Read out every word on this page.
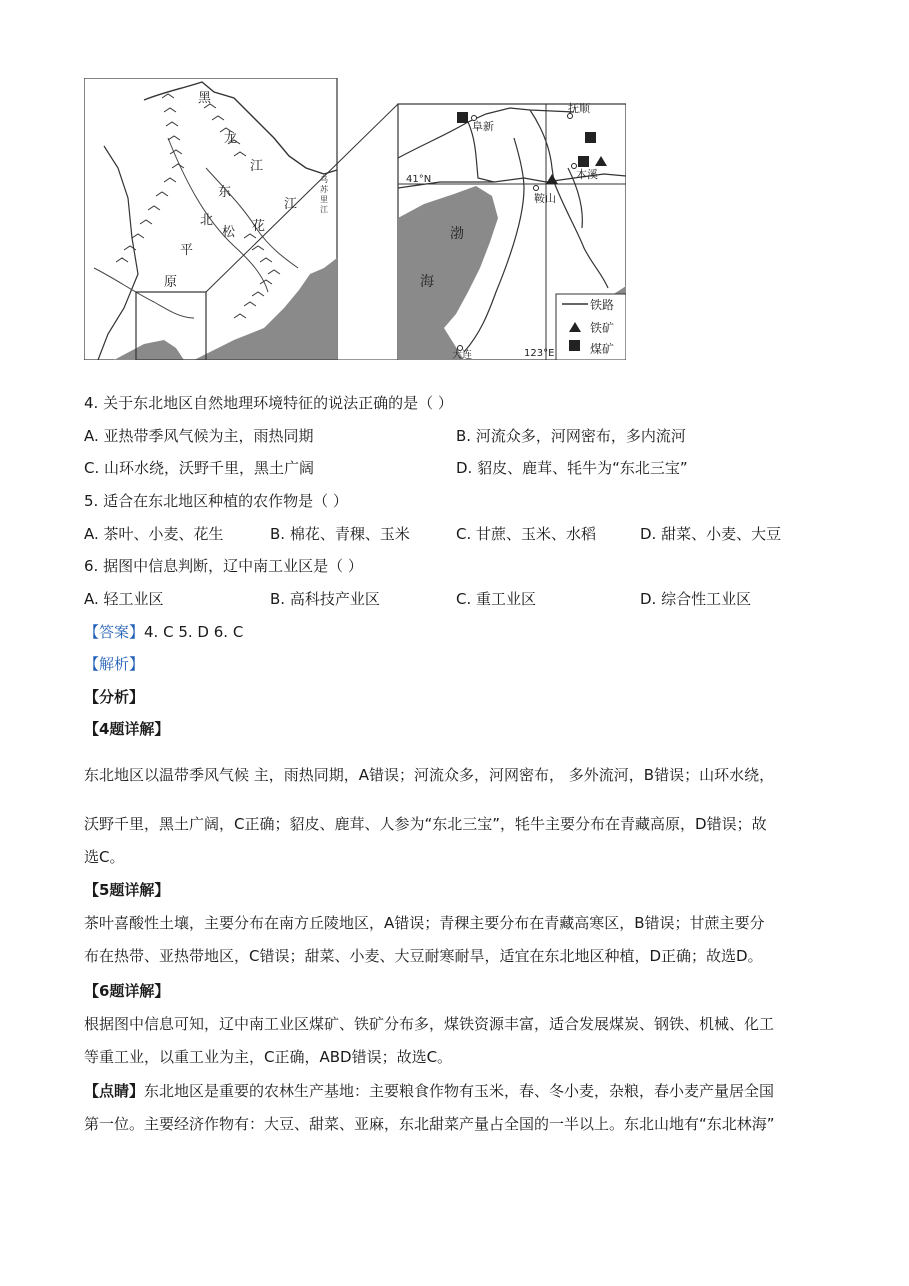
黑
龙
江
东
北
平
原
松 花
江
乌
苏
里
江
铁路
铁矿
煤矿
阜新
抚顺
本溪
鞍山
大连
渤
海
41°N
123°E
4. 关于东北地区自然地理环境特征的说法正确的是（ ）
A. 亚热带季风气候为主，雨热同期	B. 河流众多，河网密布，多内流河
C. 山环水绕，沃野千里，黑土广阔	D. 貂皮、鹿茸、牦牛为“东北三宝”
5. 适合在东北地区种植的农作物是（ ）
A. 茶叶、小麦、花生	B. 棉花、青稞、玉米	C. 甘蔗、玉米、水稻	D. 甜菜、小麦、大豆
6. 据图中信息判断，辽中南工业区是（ ）
A. 轻工业区	B. 高科技产业区	C. 重工业区	D. 综合性工业区
【答案】4. C 5. D 6. C
【解析】
【分析】
【4题详解】
东北地区以温带季风气候 主，雨热同期，A错误；河流众多，河网密布， 多外流河，B错误；山环水绕，
沃野千里，黑土广阔，C正确；貂皮、鹿茸、人参为“东北三宝”，牦牛主要分布在青藏高原，D错误；故
选C。
【5题详解】
茶叶喜酸性土壤，主要分布在南方丘陵地区，A错误；青稞主要分布在青藏高寒区，B错误；甘蔗主要分
布在热带、亚热带地区，C错误；甜菜、小麦、大豆耐寒耐旱，适宜在东北地区种植，D正确；故选D。
【6题详解】
根据图中信息可知，辽中南工业区煤矿、铁矿分布多，煤铁资源丰富，适合发展煤炭、钢铁、机械、化工
等重工业，以重工业为主，C正确，ABD错误；故选C。
【点睛】东北地区是重要的农林生产基地：主要粮食作物有玉米，春、冬小麦，杂粮，春小麦产量居全国
第一位。主要经济作物有：大豆、甜菜、亚麻，东北甜菜产量占全国的一半以上。东北山地有“东北林海”
